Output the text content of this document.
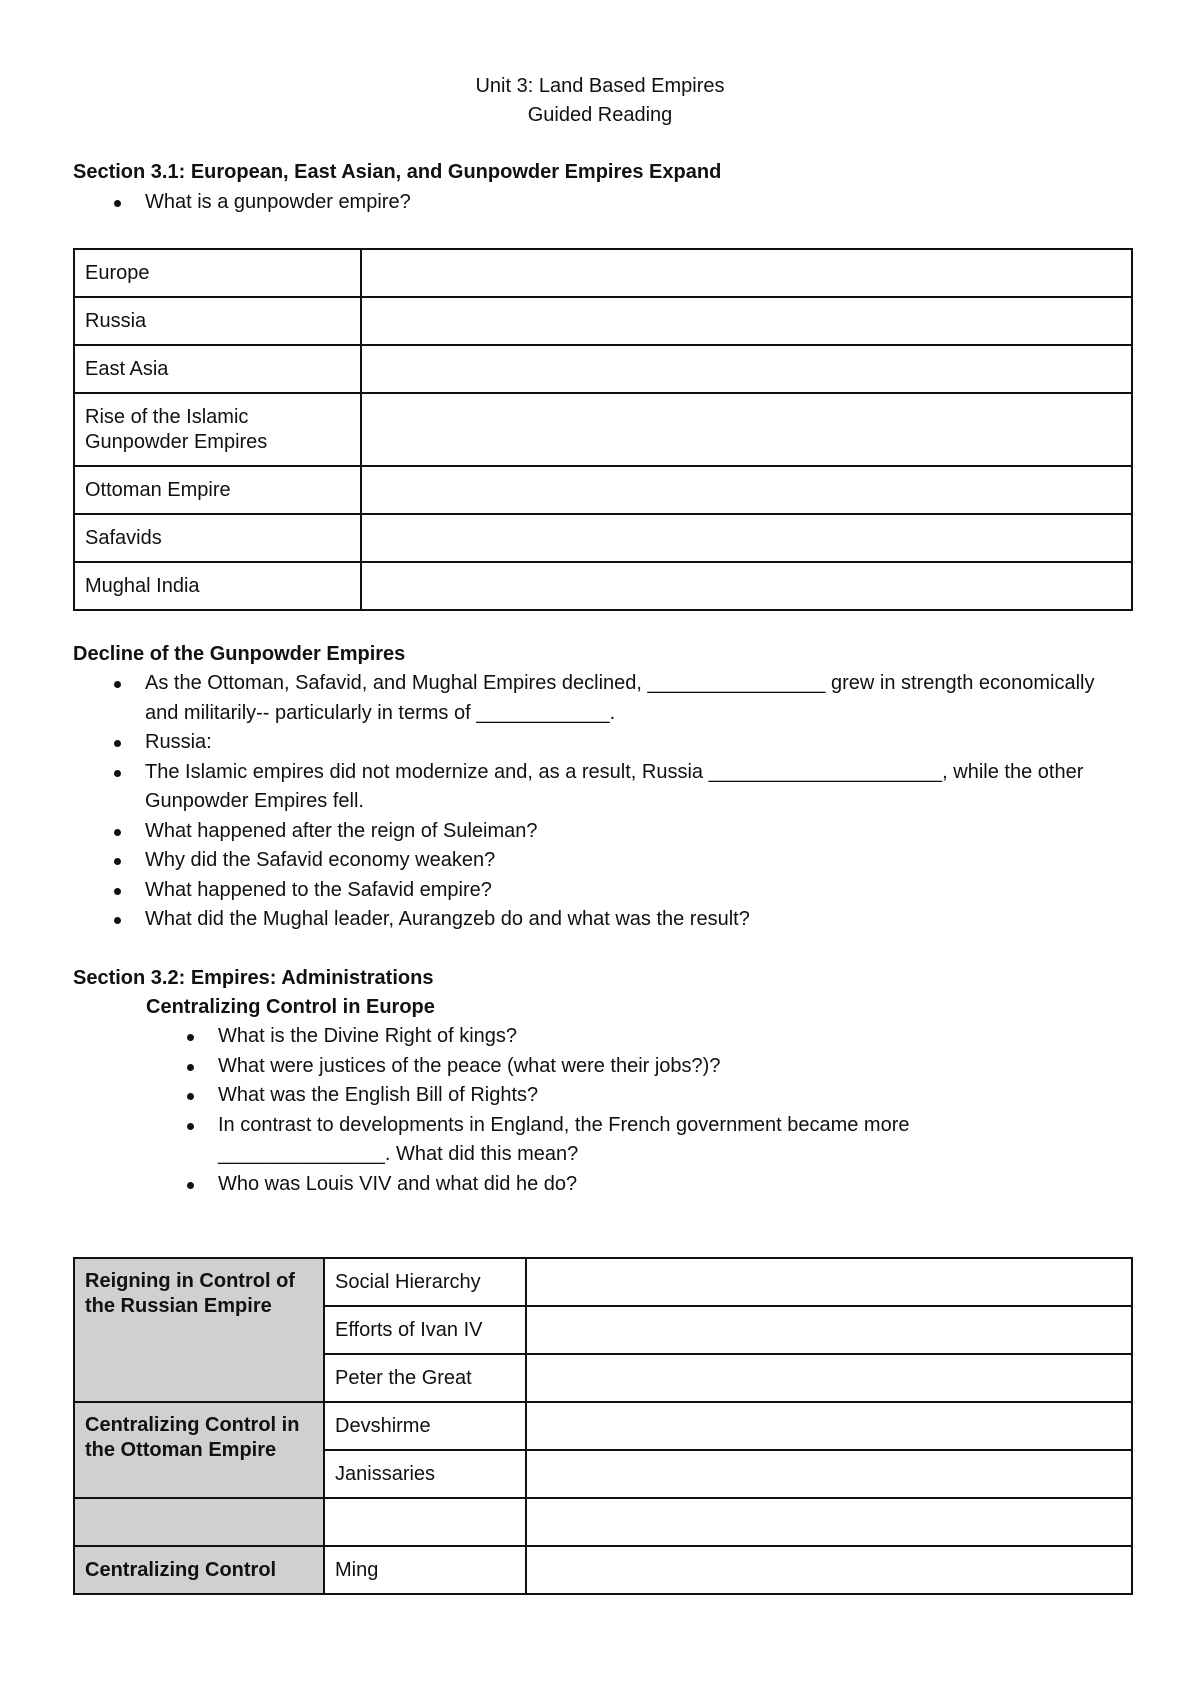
Unit 3: Land Based Empires
Guided Reading
Section 3.1: European, East Asian, and Gunpowder Empires Expand
What is a gunpowder empire?
Europe	
Russia	
East Asia	
Rise of the Islamic Gunpowder Empires	
Ottoman Empire	
Safavids	
Mughal India	
Decline of the Gunpowder Empires
As the Ottoman, Safavid, and Mughal Empires declined, ________________ grew in strength economically and militarily-- particularly in terms of ____________.
Russia:
The Islamic empires did not modernize and, as a result, Russia _____________________, while the other Gunpowder Empires fell.
What happened after the reign of Suleiman?
Why did the Safavid economy weaken?
What happened to the Safavid empire?
What did the Mughal leader, Aurangzeb do and what was the result?
Section 3.2: Empires: Administrations
Centralizing Control in Europe
What is the Divine Right of kings?
What were justices of the peace (what were their jobs?)?
What was the English Bill of Rights?
In contrast to developments in England, the French government became more _______________. What did this mean?
Who was Louis VIV and what did he do?
Reigning in Control of the Russian Empire	Social Hierarchy	
	Efforts of Ivan IV	
	Peter the Great	
Centralizing Control in the Ottoman Empire	Devshirme	
	Janissaries	

Centralizing Control	Ming	
